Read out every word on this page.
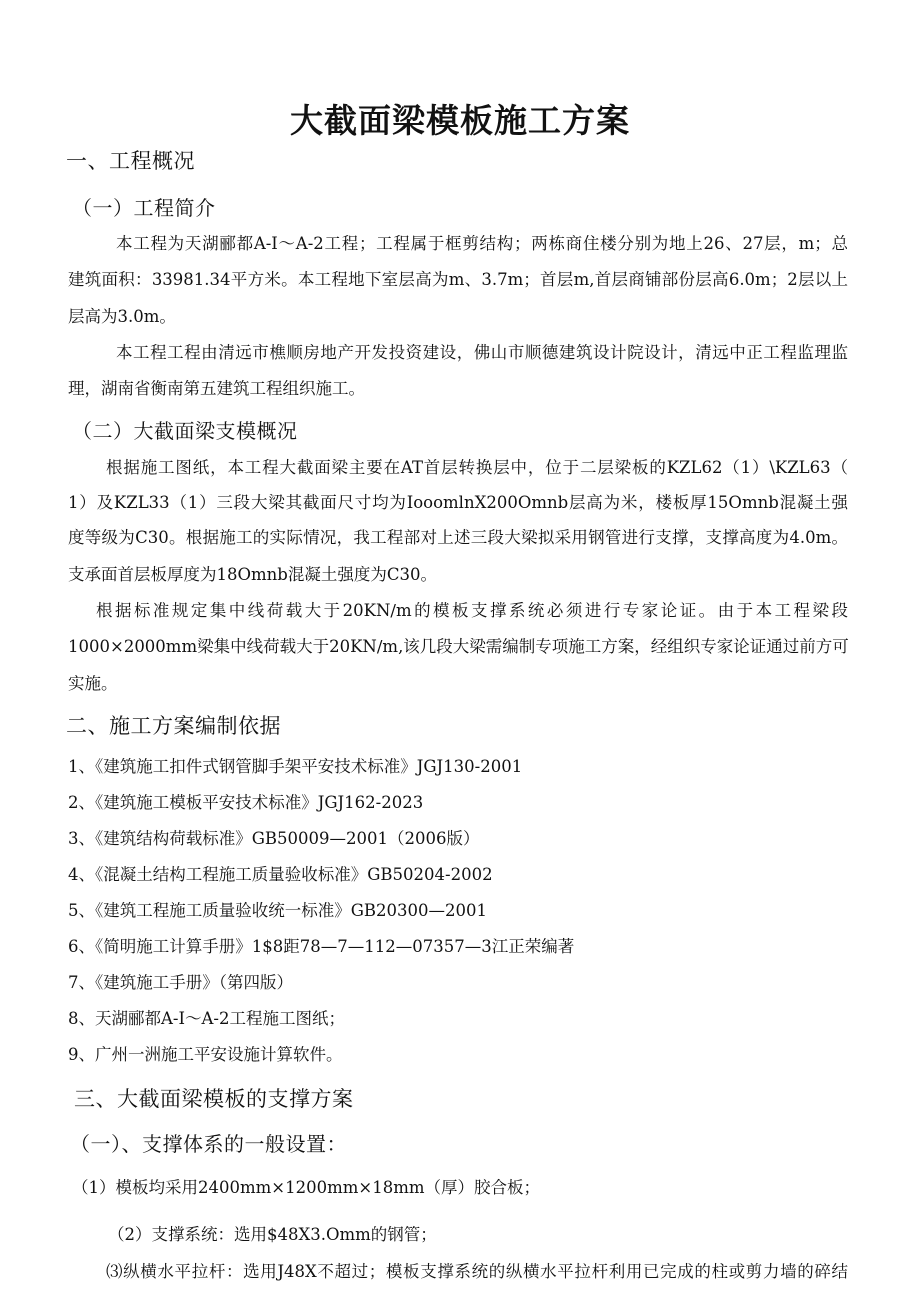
大截面梁模板施工方案
一、工程概况
（一）工程简介
本工程为天湖郦都A-I～A-2工程；工程属于框剪结构；两栋商住楼分别为地上26、27层，m；总
建筑面积：33981.34平方米。本工程地下室层高为m、3.7m；首层m,首层商铺部份层高6.0m；2层以上
层高为3.0m。
本工程工程由清远市樵顺房地产开发投资建设，佛山市顺德建筑设计院设计，清远中正工程监理监
理，湖南省衡南第五建筑工程组织施工。
（二）大截面梁支模概况
根据施工图纸，本工程大截面梁主要在AT首层转换层中，位于二层梁板的KZL62（1）\KZL63（
1）及KZL33（1）三段大梁其截面尺寸均为IooomlnX200Omnb层高为米，楼板厚15Omnb混凝土强
度等级为C30。根据施工的实际情况，我工程部对上述三段大梁拟采用钢管进行支撑，支撑高度为4.0m。
支承面首层板厚度为18Omnb混凝土强度为C30。
根据标准规定集中线荷载大于20KN∕m的模板支撑系统必须进行专家论证。由于本工程梁段
1000×2000mm梁集中线荷载大于20KN∕m,该几段大梁需编制专项施工方案，经组织专家论证通过前方可
实施。
二、施工方案编制依据
1、《建筑施工扣件式钢管脚手架平安技术标准》JGJ130-2001
2、《建筑施工模板平安技术标准》JGJ162-2023
3、《建筑结构荷载标准》GB50009—2001（2006版）
4、《混凝土结构工程施工质量验收标准》GB50204-2002
5、《建筑工程施工质量验收统一标准》GB20300—2001
6、《简明施工计算手册》1$8距78—7—112—07357—3江正荣编著
7、《建筑施工手册》（第四版）
8、天湖郦都A-I～A-2工程施工图纸；
9、广州一洲施工平安设施计算软件。
三、大截面梁模板的支撑方案
（一）、支撑体系的一般设置：
（1）模板均采用2400mm×1200mm×18mm（厚）胶合板；
（2）支撑系统：选用$48X3.Omm的钢管；
⑶纵横水平拉杆：选用J48X不超过；模板支撑系统的纵横水平拉杆利用已完成的柱或剪力墙的碎结
